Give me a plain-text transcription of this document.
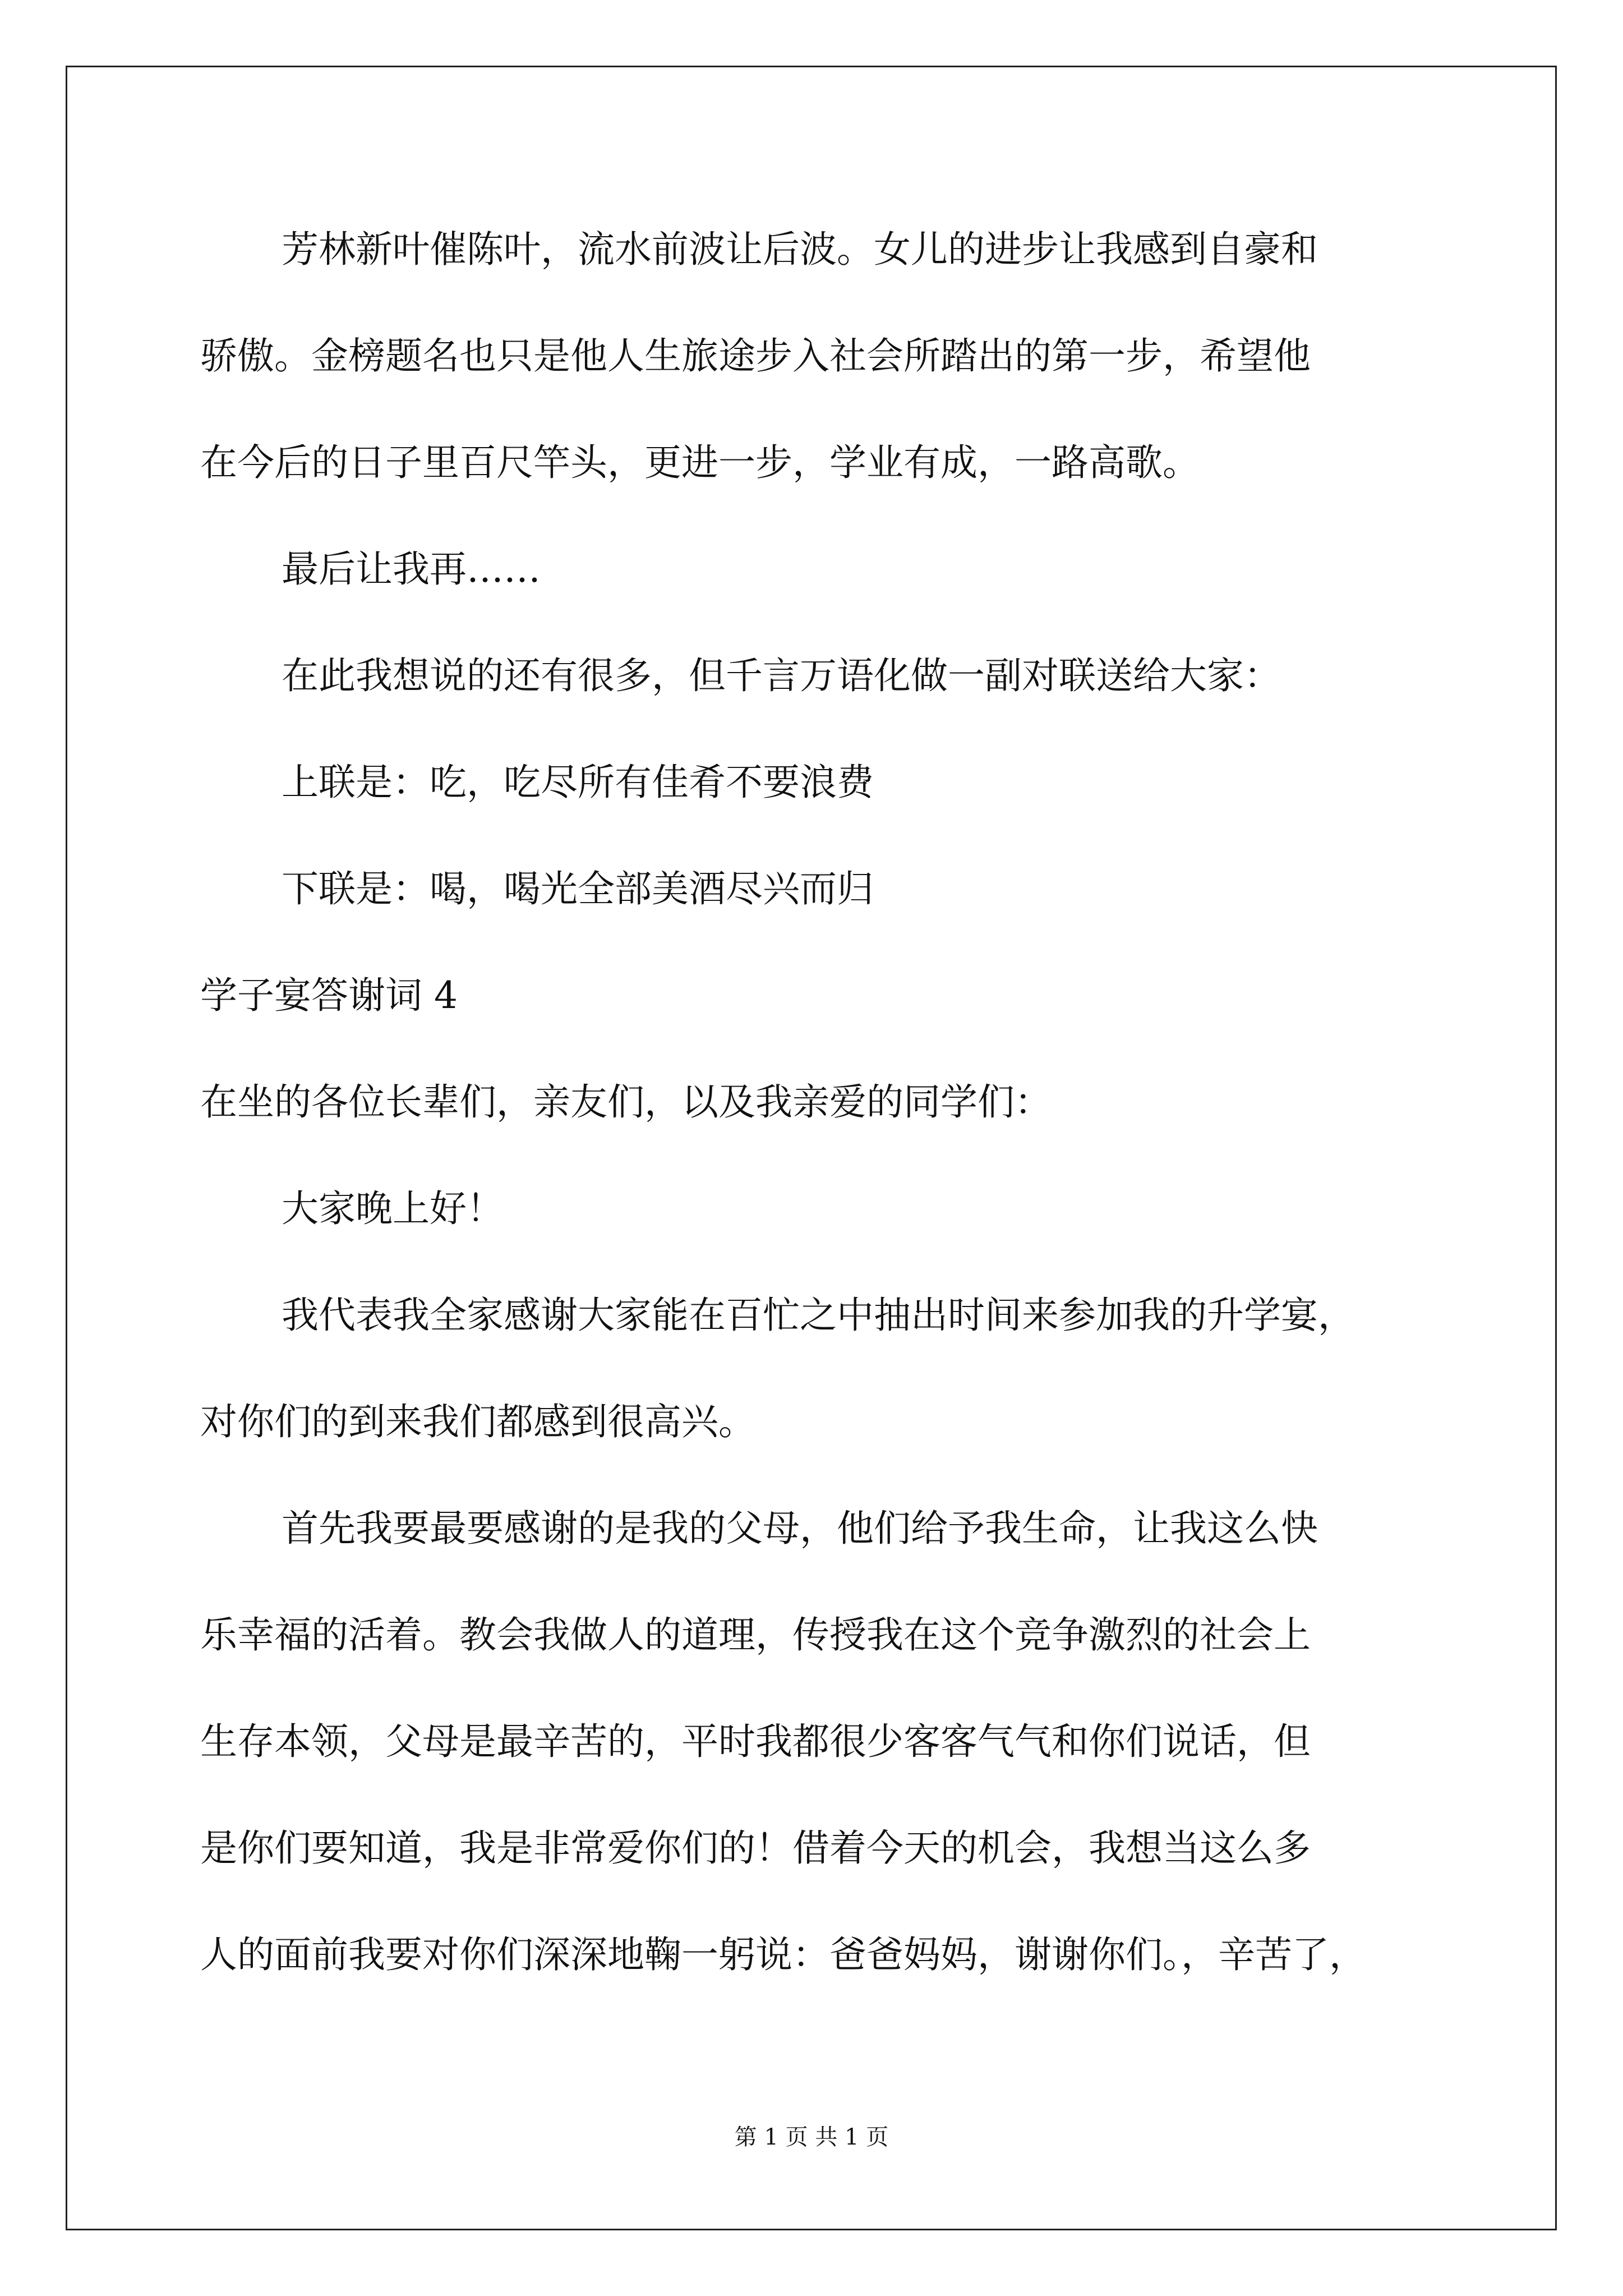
芳林新叶催陈叶，流水前波让后波。女儿的进步让我感到自豪和
骄傲。金榜题名也只是他人生旅途步入社会所踏出的第一步，希望他
在今后的日子里百尺竿头，更进一步，学业有成，一路高歌。
最后让我再……
在此我想说的还有很多，但千言万语化做一副对联送给大家：
上联是：吃，吃尽所有佳肴不要浪费
下联是：喝，喝光全部美酒尽兴而归
学子宴答谢词 4
在坐的各位长辈们，亲友们，以及我亲爱的同学们：
大家晚上好！
我代表我全家感谢大家能在百忙之中抽出时间来参加我的升学宴，
对你们的到来我们都感到很高兴。
首先我要最要感谢的是我的父母，他们给予我生命，让我这么快
乐幸福的活着。教会我做人的道理，传授我在这个竞争激烈的社会上
生存本领，父母是最辛苦的，平时我都很少客客气气和你们说话，但
是你们要知道，我是非常爱你们的！借着今天的机会，我想当这么多
人的面前我要对你们深深地鞠一躬说：爸爸妈妈，谢谢你们。，辛苦了，
第 1 页 共 1 页
